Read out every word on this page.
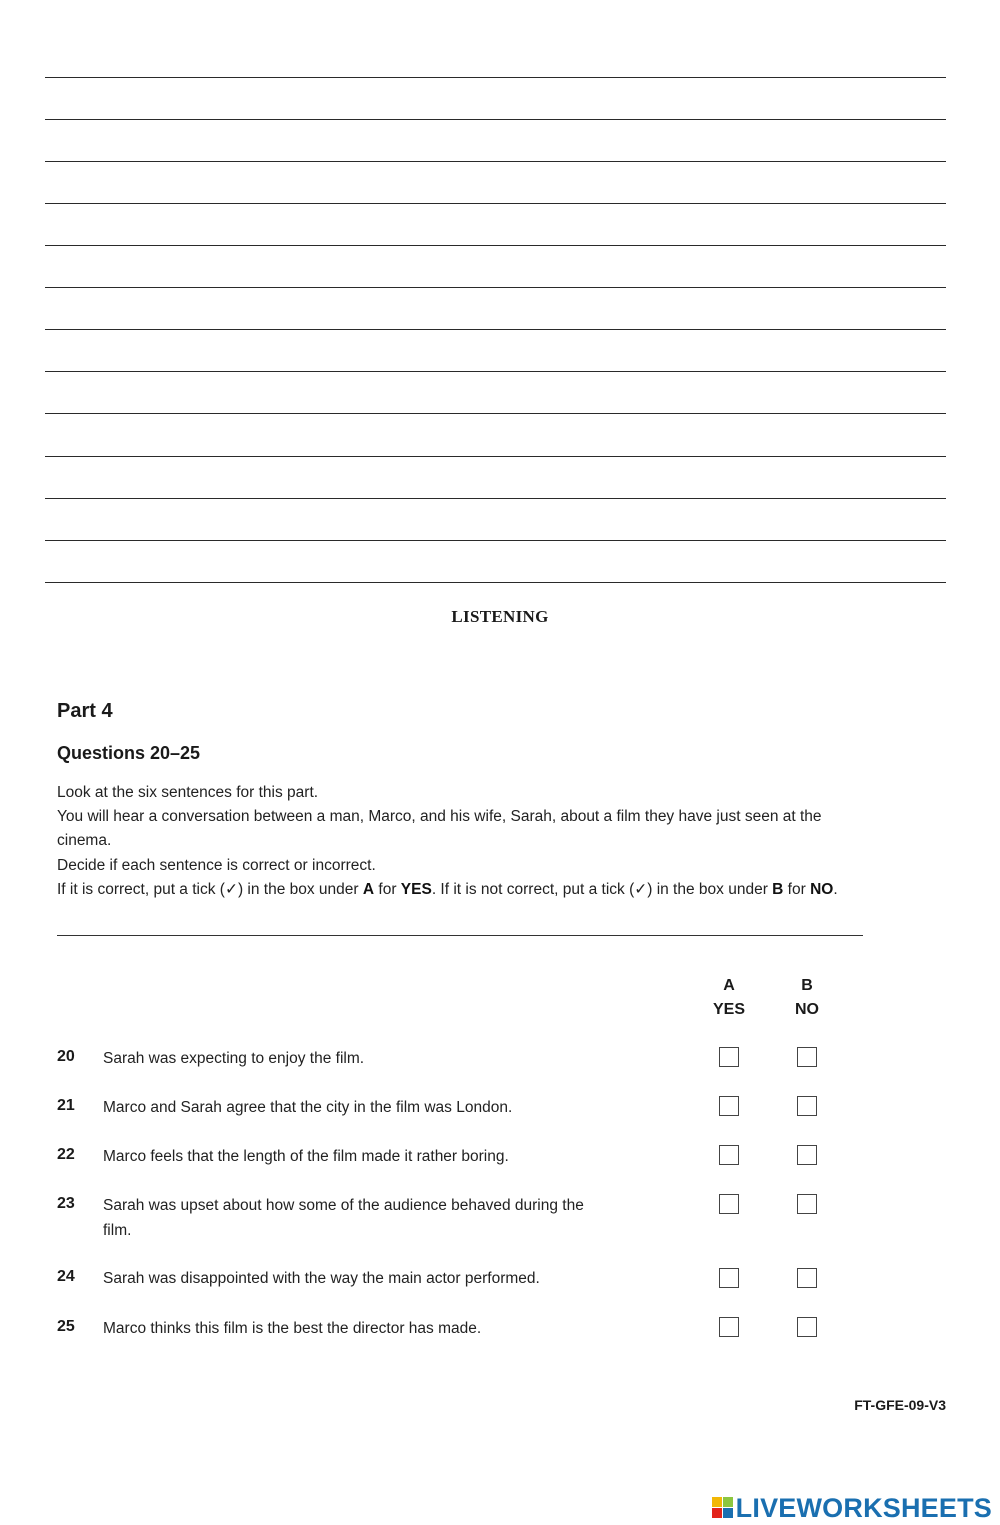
LISTENING
Part 4
Questions 20–25

Look at the six sentences for this part.

You will hear a conversation between a man, Marco, and his wife, Sarah, about a film they have just seen at the cinema.

Decide if each sentence is correct or incorrect.

If it is correct, put a tick (✓) in the box under A for YES. If it is not correct, put a tick (✓) in the box under B for NO.

A
YES
B
NO
20 Sarah was expecting to enjoy the film.
21 Marco and Sarah agree that the city in the film was London.
22 Marco feels that the length of the film made it rather boring.
23 Sarah was upset about how some of the audience behaved during the film.
24 Sarah was disappointed with the way the main actor performed.
25 Marco thinks this film is the best the director has made.
FT-GFE-09-V3
LIVEWORKSHEETS
